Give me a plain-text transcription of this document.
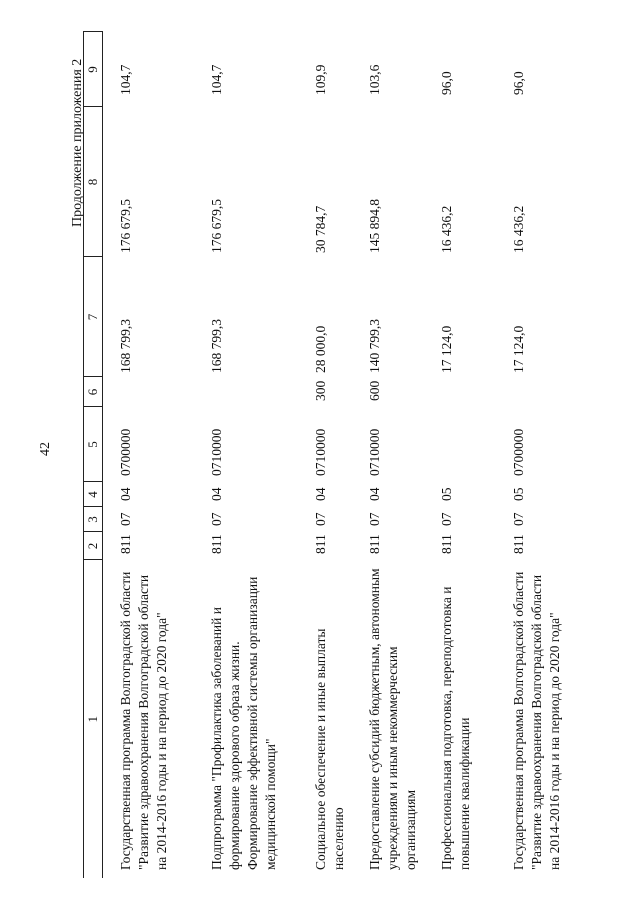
42
Продолжение приложения 2
1	2	3	4	5	6	7	8	9
Государственная программа Волгоградской области "Развитие здравоохранения Волгоградской области на 2014-2016 годы и на период до 2020 года"	811	07	04	0700000		168 799,3	176 679,5	104,7
Подпрограмма "Профилактика заболеваний и формирование здорового образа жизни. Формирование эффективной системы организации медицинской помощи"	811	07	04	0710000		168 799,3	176 679,5	104,7
Социальное обеспечение и иные выплаты населению	811	07	04	0710000	300	28 000,0	30 784,7	109,9
Предоставление субсидий бюджетным, автономным учреждениям и иным некоммерческим организациям	811	07	04	0710000	600	140 799,3	145 894,8	103,6
Профессиональная подготовка, переподготовка и повышение квалификации	811	07	05			17 124,0	16 436,2	96,0
Государственная программа Волгоградской области "Развитие здравоохранения Волгоградской области на 2014-2016 годы и на период до 2020 года"	811	07	05	0700000		17 124,0	16 436,2	96,0
